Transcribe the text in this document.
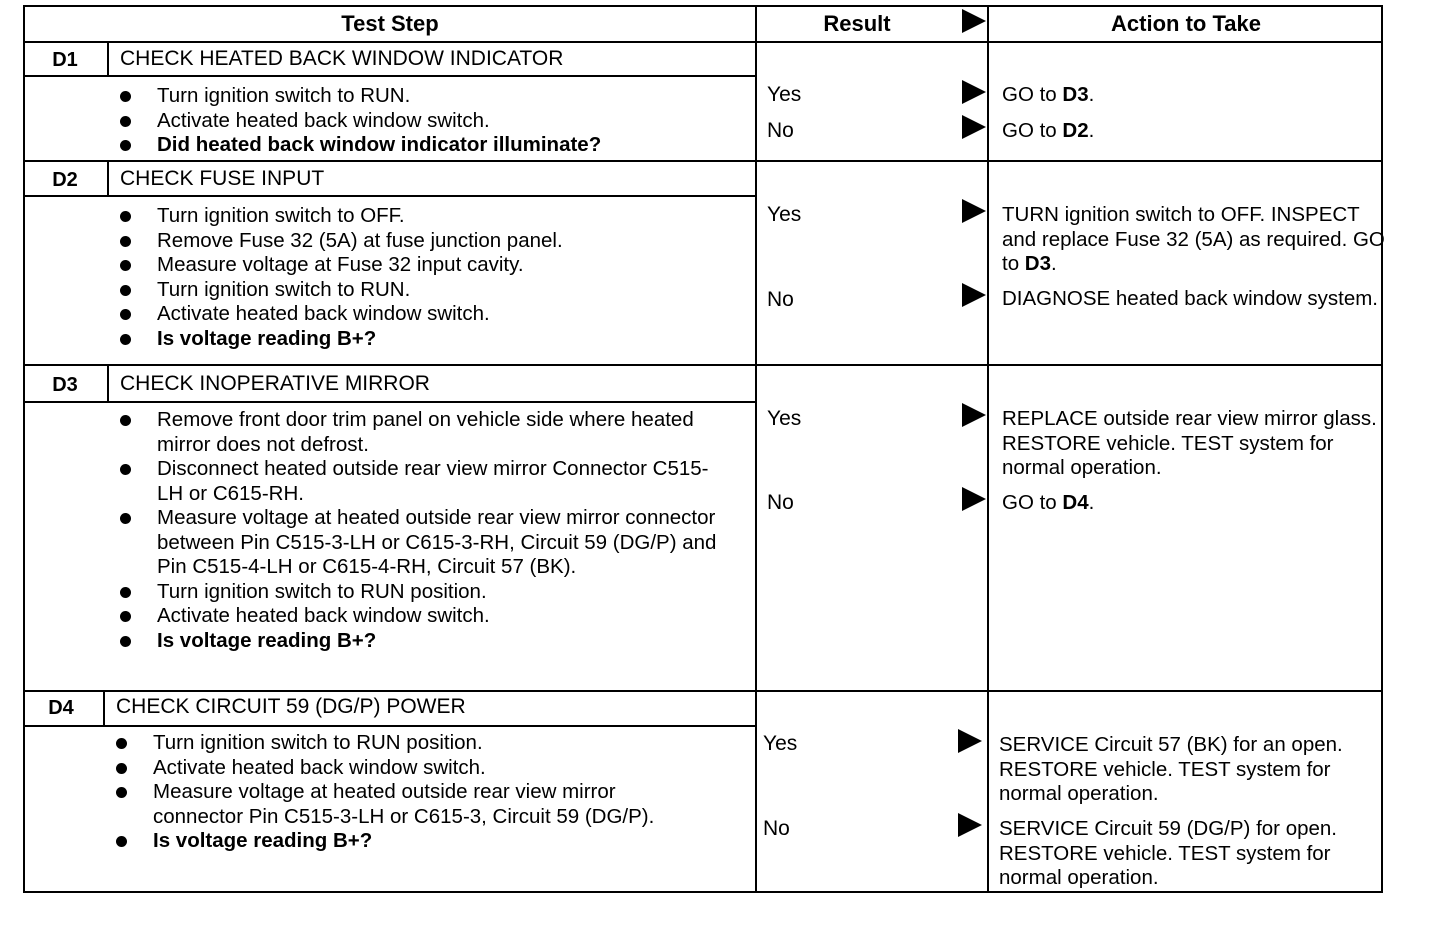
Test Step	Result	Action to Take
D1	CHECK HEATED BACK WINDOW INDICATOR
Turn ignition switch to RUN.
Activate heated back window switch.
Did heated back window indicator illuminate?
Yes	GO to D3.
No	GO to D2.
D2	CHECK FUSE INPUT
Turn ignition switch to OFF.
Remove Fuse 32 (5A) at fuse junction panel.
Measure voltage at Fuse 32 input cavity.
Turn ignition switch to RUN.
Activate heated back window switch.
Is voltage reading B+?
Yes	TURN ignition switch to OFF. INSPECT and replace Fuse 32 (5A) as required. GO to D3.
No	DIAGNOSE heated back window system.
D3	CHECK INOPERATIVE MIRROR
Remove front door trim panel on vehicle side where heated mirror does not defrost.
Disconnect heated outside rear view mirror Connector C515-LH or C615-RH.
Measure voltage at heated outside rear view mirror connector between Pin C515-3-LH or C615-3-RH, Circuit 59 (DG/P) and Pin C515-4-LH or C615-4-RH, Circuit 57 (BK).
Turn ignition switch to RUN position.
Activate heated back window switch.
Is voltage reading B+?
Yes	REPLACE outside rear view mirror glass. RESTORE vehicle. TEST system for normal operation.
No	GO to D4.
D4	CHECK CIRCUIT 59 (DG/P) POWER
Turn ignition switch to RUN position.
Activate heated back window switch.
Measure voltage at heated outside rear view mirror connector Pin C515-3-LH or C615-3, Circuit 59 (DG/P).
Is voltage reading B+?
Yes	SERVICE Circuit 57 (BK) for an open. RESTORE vehicle. TEST system for normal operation.
No	SERVICE Circuit 59 (DG/P) for open. RESTORE vehicle. TEST system for normal operation.
